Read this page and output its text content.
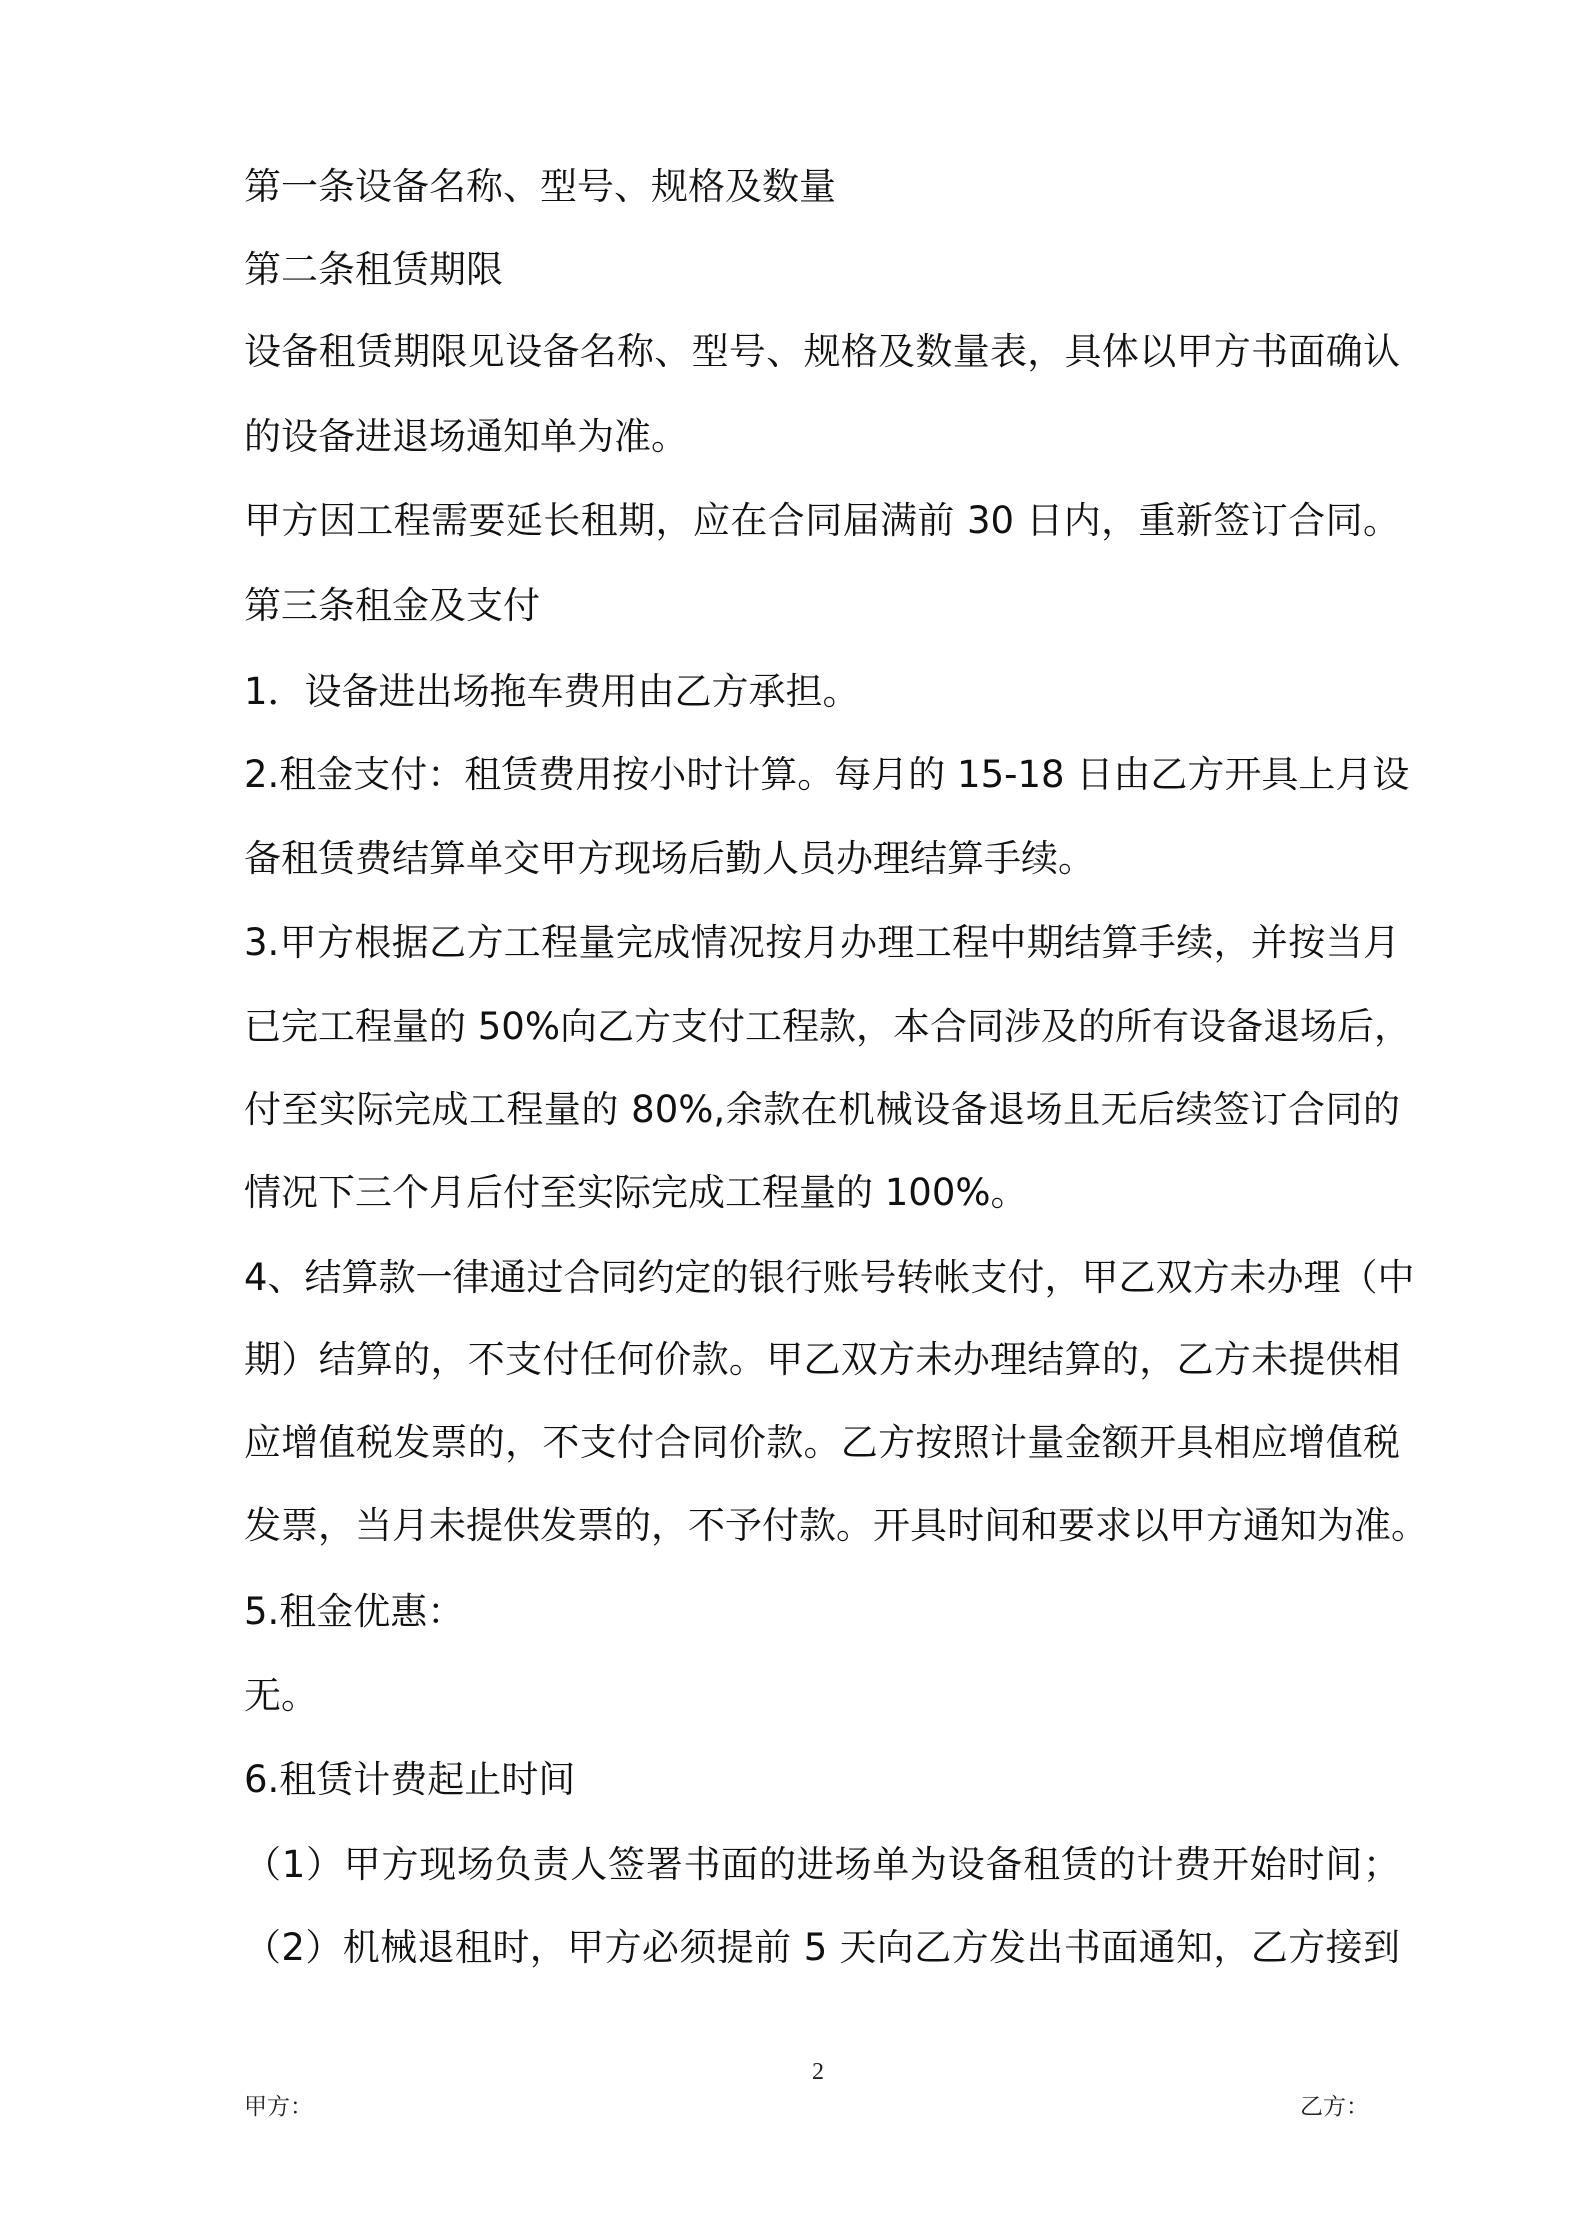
第一条设备名称、型号、规格及数量
第二条租赁期限
设备租赁期限见设备名称、型号、规格及数量表，具体以甲方书面确认
的设备进退场通知单为准。
甲方因工程需要延长租期，应在合同届满前 30 日内，重新签订合同。
第三条租金及支付
1．设备进出场拖车费用由乙方承担。
2.租金支付：租赁费用按小时计算。每月的 15-18 日由乙方开具上月设
备租赁费结算单交甲方现场后勤人员办理结算手续。
3.甲方根据乙方工程量完成情况按月办理工程中期结算手续，并按当月
已完工程量的 50%向乙方支付工程款，本合同涉及的所有设备退场后，
付至实际完成工程量的 80%,余款在机械设备退场且无后续签订合同的
情况下三个月后付至实际完成工程量的 100%。
4、结算款一律通过合同约定的银行账号转帐支付，甲乙双方未办理（中
期）结算的，不支付任何价款。甲乙双方未办理结算的，乙方未提供相
应增值税发票的，不支付合同价款。乙方按照计量金额开具相应增值税
发票，当月未提供发票的，不予付款。开具时间和要求以甲方通知为准。
5.租金优惠：
无。
6.租赁计费起止时间
（1）甲方现场负责人签署书面的进场单为设备租赁的计费开始时间；
（2）机械退租时，甲方必须提前 5 天向乙方发出书面通知，乙方接到
2
甲方：	乙方：
